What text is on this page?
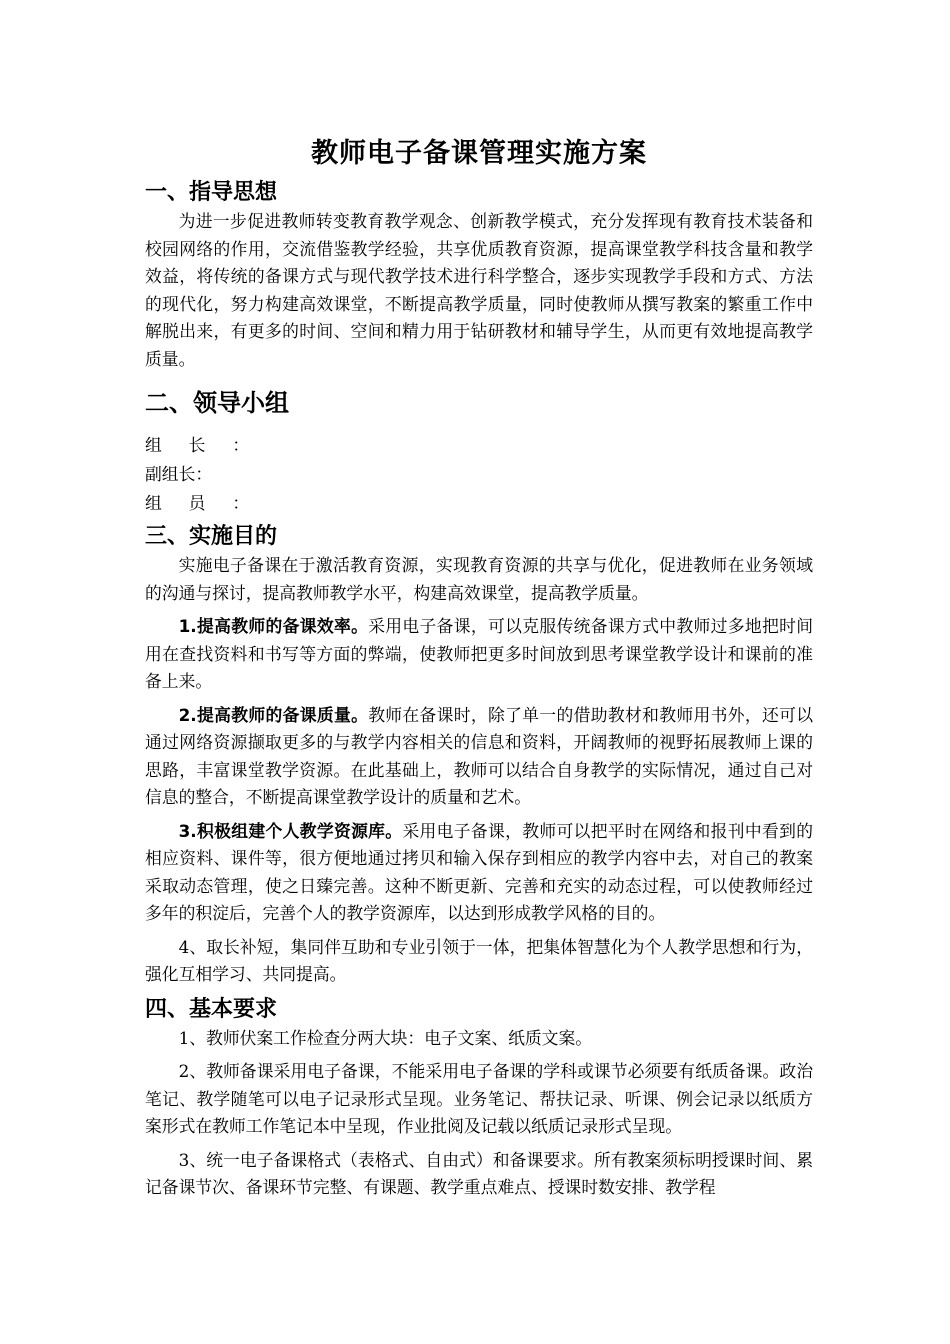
教师电子备课管理实施方案
一、指导思想

为进一步促进教师转变教育教学观念、创新教学模式，充分发挥现有教育技术装备和校园网络的作用，交流借鉴教学经验，共享优质教育资源，提高课堂教学科技含量和教学效益，将传统的备课方式与现代教学技术进行科学整合，逐步实现教学手段和方式、方法的现代化，努力构建高效课堂，不断提高教学质量，同时使教师从撰写教案的繁重工作中解脱出来，有更多的时间、空间和精力用于钻研教材和辅导学生，从而更有效地提高教学质量。

二、领导小组
组长：
副组长：
组员：
三、实施目的

实施电子备课在于激活教育资源，实现教育资源的共享与优化，促进教师在业务领域的沟通与探讨，提高教师教学水平，构建高效课堂，提高教学质量。

1.提高教师的备课效率。采用电子备课，可以克服传统备课方式中教师过多地把时间用在查找资料和书写等方面的弊端，使教师把更多时间放到思考课堂教学设计和课前的准备上来。

2.提高教师的备课质量。教师在备课时，除了单一的借助教材和教师用书外，还可以通过网络资源撷取更多的与教学内容相关的信息和资料，开阔教师的视野拓展教师上课的思路，丰富课堂教学资源。在此基础上，教师可以结合自身教学的实际情况，通过自己对信息的整合，不断提高课堂教学设计的质量和艺术。

3.积极组建个人教学资源库。采用电子备课，教师可以把平时在网络和报刊中看到的相应资料、课件等，很方便地通过拷贝和输入保存到相应的教学内容中去，对自己的教案采取动态管理，使之日臻完善。这种不断更新、完善和充实的动态过程，可以使教师经过多年的积淀后，完善个人的教学资源库，以达到形成教学风格的目的。

4、取长补短，集同伴互助和专业引领于一体，把集体智慧化为个人教学思想和行为，强化互相学习、共同提高。

四、基本要求

1、教师伏案工作检查分两大块：电子文案、纸质文案。

2、教师备课采用电子备课，不能采用电子备课的学科或课节必须要有纸质备课。政治笔记、教学随笔可以电子记录形式呈现。业务笔记、帮扶记录、听课、例会记录以纸质方案形式在教师工作笔记本中呈现，作业批阅及记载以纸质记录形式呈现。

3、统一电子备课格式（表格式、自由式）和备课要求。所有教案须标明授课时间、累记备课节次、备课环节完整、有课题、教学重点难点、授课时数安排、教学程
